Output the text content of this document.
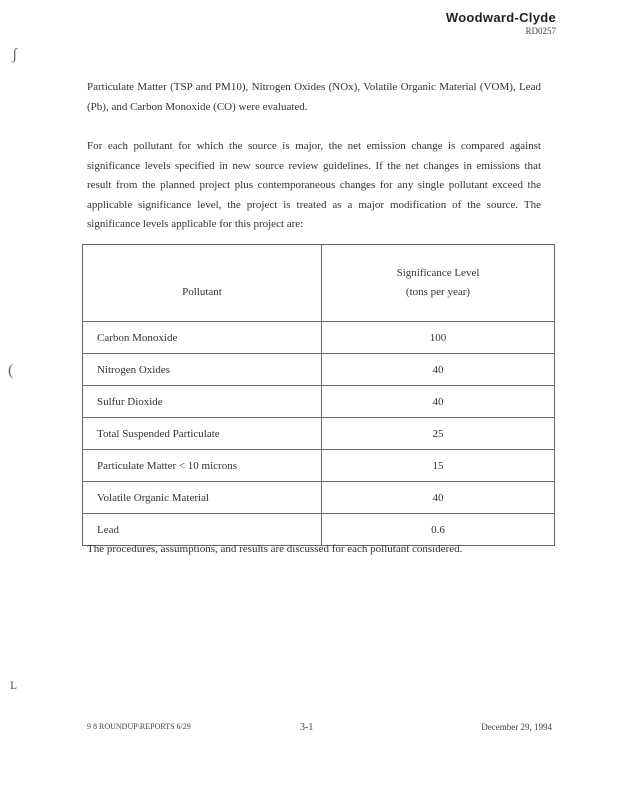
Woodward-Clyde
RD0257
ʃ
(
ʟ

Particulate Matter (TSP and PM10), Nitrogen Oxides (NOx), Volatile Organic Material (VOM), Lead (Pb), and Carbon Monoxide (CO) were evaluated.

For each pollutant for which the source is major, the net emission change is compared against significance levels specified in new source review guidelines. If the net changes in emissions that result from the planned project plus contemporaneous changes for any single pollutant exceed the applicable significance level, the project is treated as a major modification of the source. The significance levels applicable for this project are:

Pollutant	Significance Level
(tons per year)

Carbon Monoxide	100
Nitrogen Oxides	40
Sulfur Dioxide	40
Total Suspended Particulate	25
Particulate Matter < 10 microns	15
Volatile Organic Material	40
Lead	0.6

The procedures, assumptions, and results are discussed for each pollutant considered.

9 8 ROUNDUP\REPORTS 6/29	3-1	December 29, 1994
